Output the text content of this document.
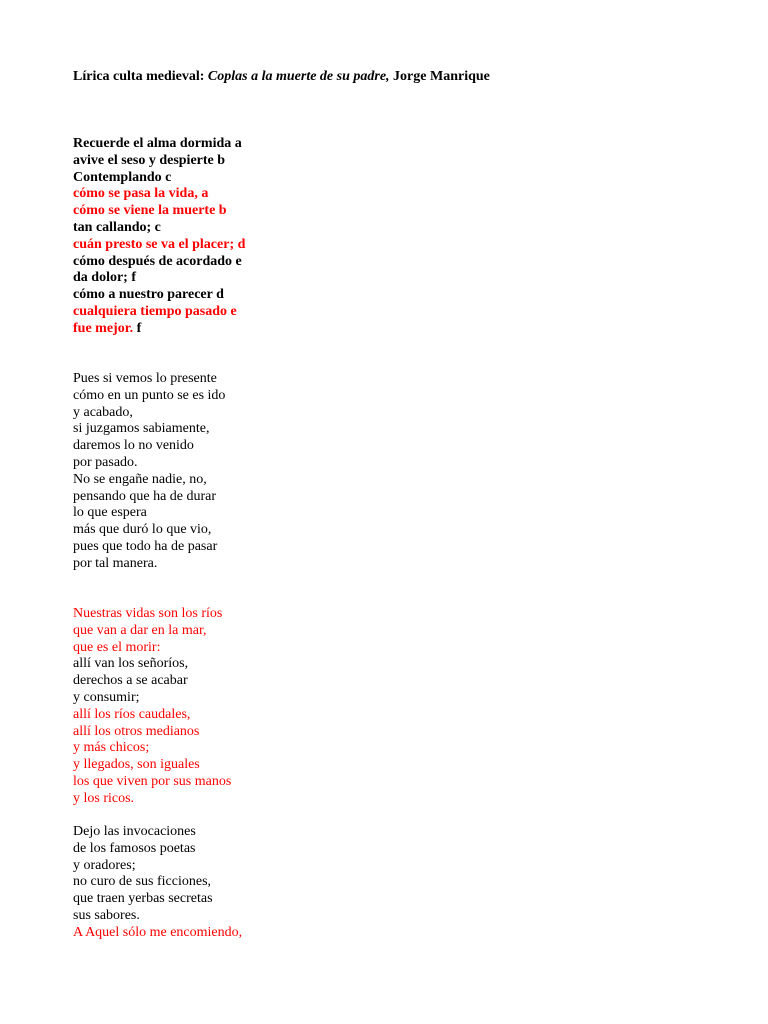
Lírica culta medieval: Coplas a la muerte de su padre, Jorge Manrique
Recuerde el alma dormida a
avive el seso y despierte b
Contemplando c
cómo se pasa la vida, a
cómo se viene la muerte b
tan callando; c
cuán presto se va el placer; d
cómo después de acordado e
da dolor; f
cómo a nuestro parecer d
cualquiera tiempo pasado e
fue mejor. f
Pues si vemos lo presente
cómo en un punto se es ido
y acabado,
si juzgamos sabiamente,
daremos lo no venido
por pasado.
No se engañe nadie, no,
pensando que ha de durar
lo que espera
más que duró lo que vio,
pues que todo ha de pasar
por tal manera.
Nuestras vidas son los ríos
que van a dar en la mar,
que es el morir:
allí van los señoríos,
derechos a se acabar
y consumir;
allí los ríos caudales,
allí los otros medianos
y más chicos;
y llegados, son iguales
los que viven por sus manos
y los ricos.
Dejo las invocaciones
de los famosos poetas
y oradores;
no curo de sus ficciones,
que traen yerbas secretas
sus sabores.
A Aquel sólo me encomiendo,
